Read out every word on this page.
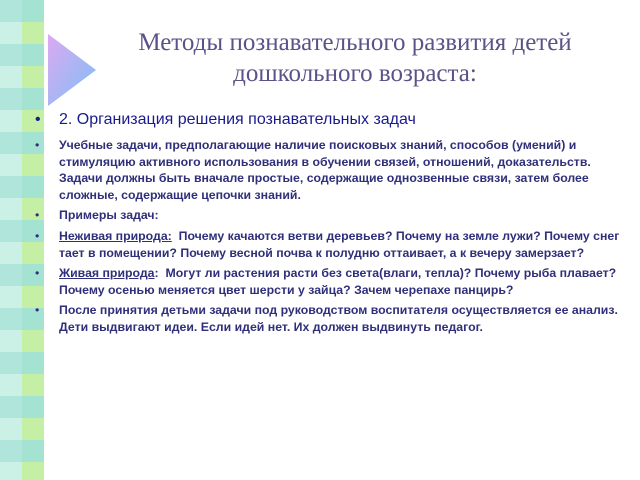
Методы познавательного развития детей
дошкольного возраста:
• 2. Организация решения познавательных задач
• Учебные задачи, предполагающие наличие поисковых знаний, способов (умений) и стимуляцию активного использования в обучении связей, отношений, доказательств. Задачи должны быть вначале простые, содержащие однозвенные связи, затем более сложные, содержащие цепочки знаний.
• Примеры задач:
• Неживая природа: Почему качаются ветви деревьев? Почему на земле лужи? Почему снег тает в помещении? Почему весной почва к полудню оттаивает, а к вечеру замерзает?
• Живая природа:  Могут ли растения расти без света(влаги, тепла)? Почему рыба плавает? Почему осенью меняется цвет шерсти у зайца? Зачем черепахе панцирь?
• После принятия детьми задачи под руководством воспитателя осуществляется ее анализ. Дети выдвигают идеи. Если идей нет. Их должен выдвинуть педагог.
